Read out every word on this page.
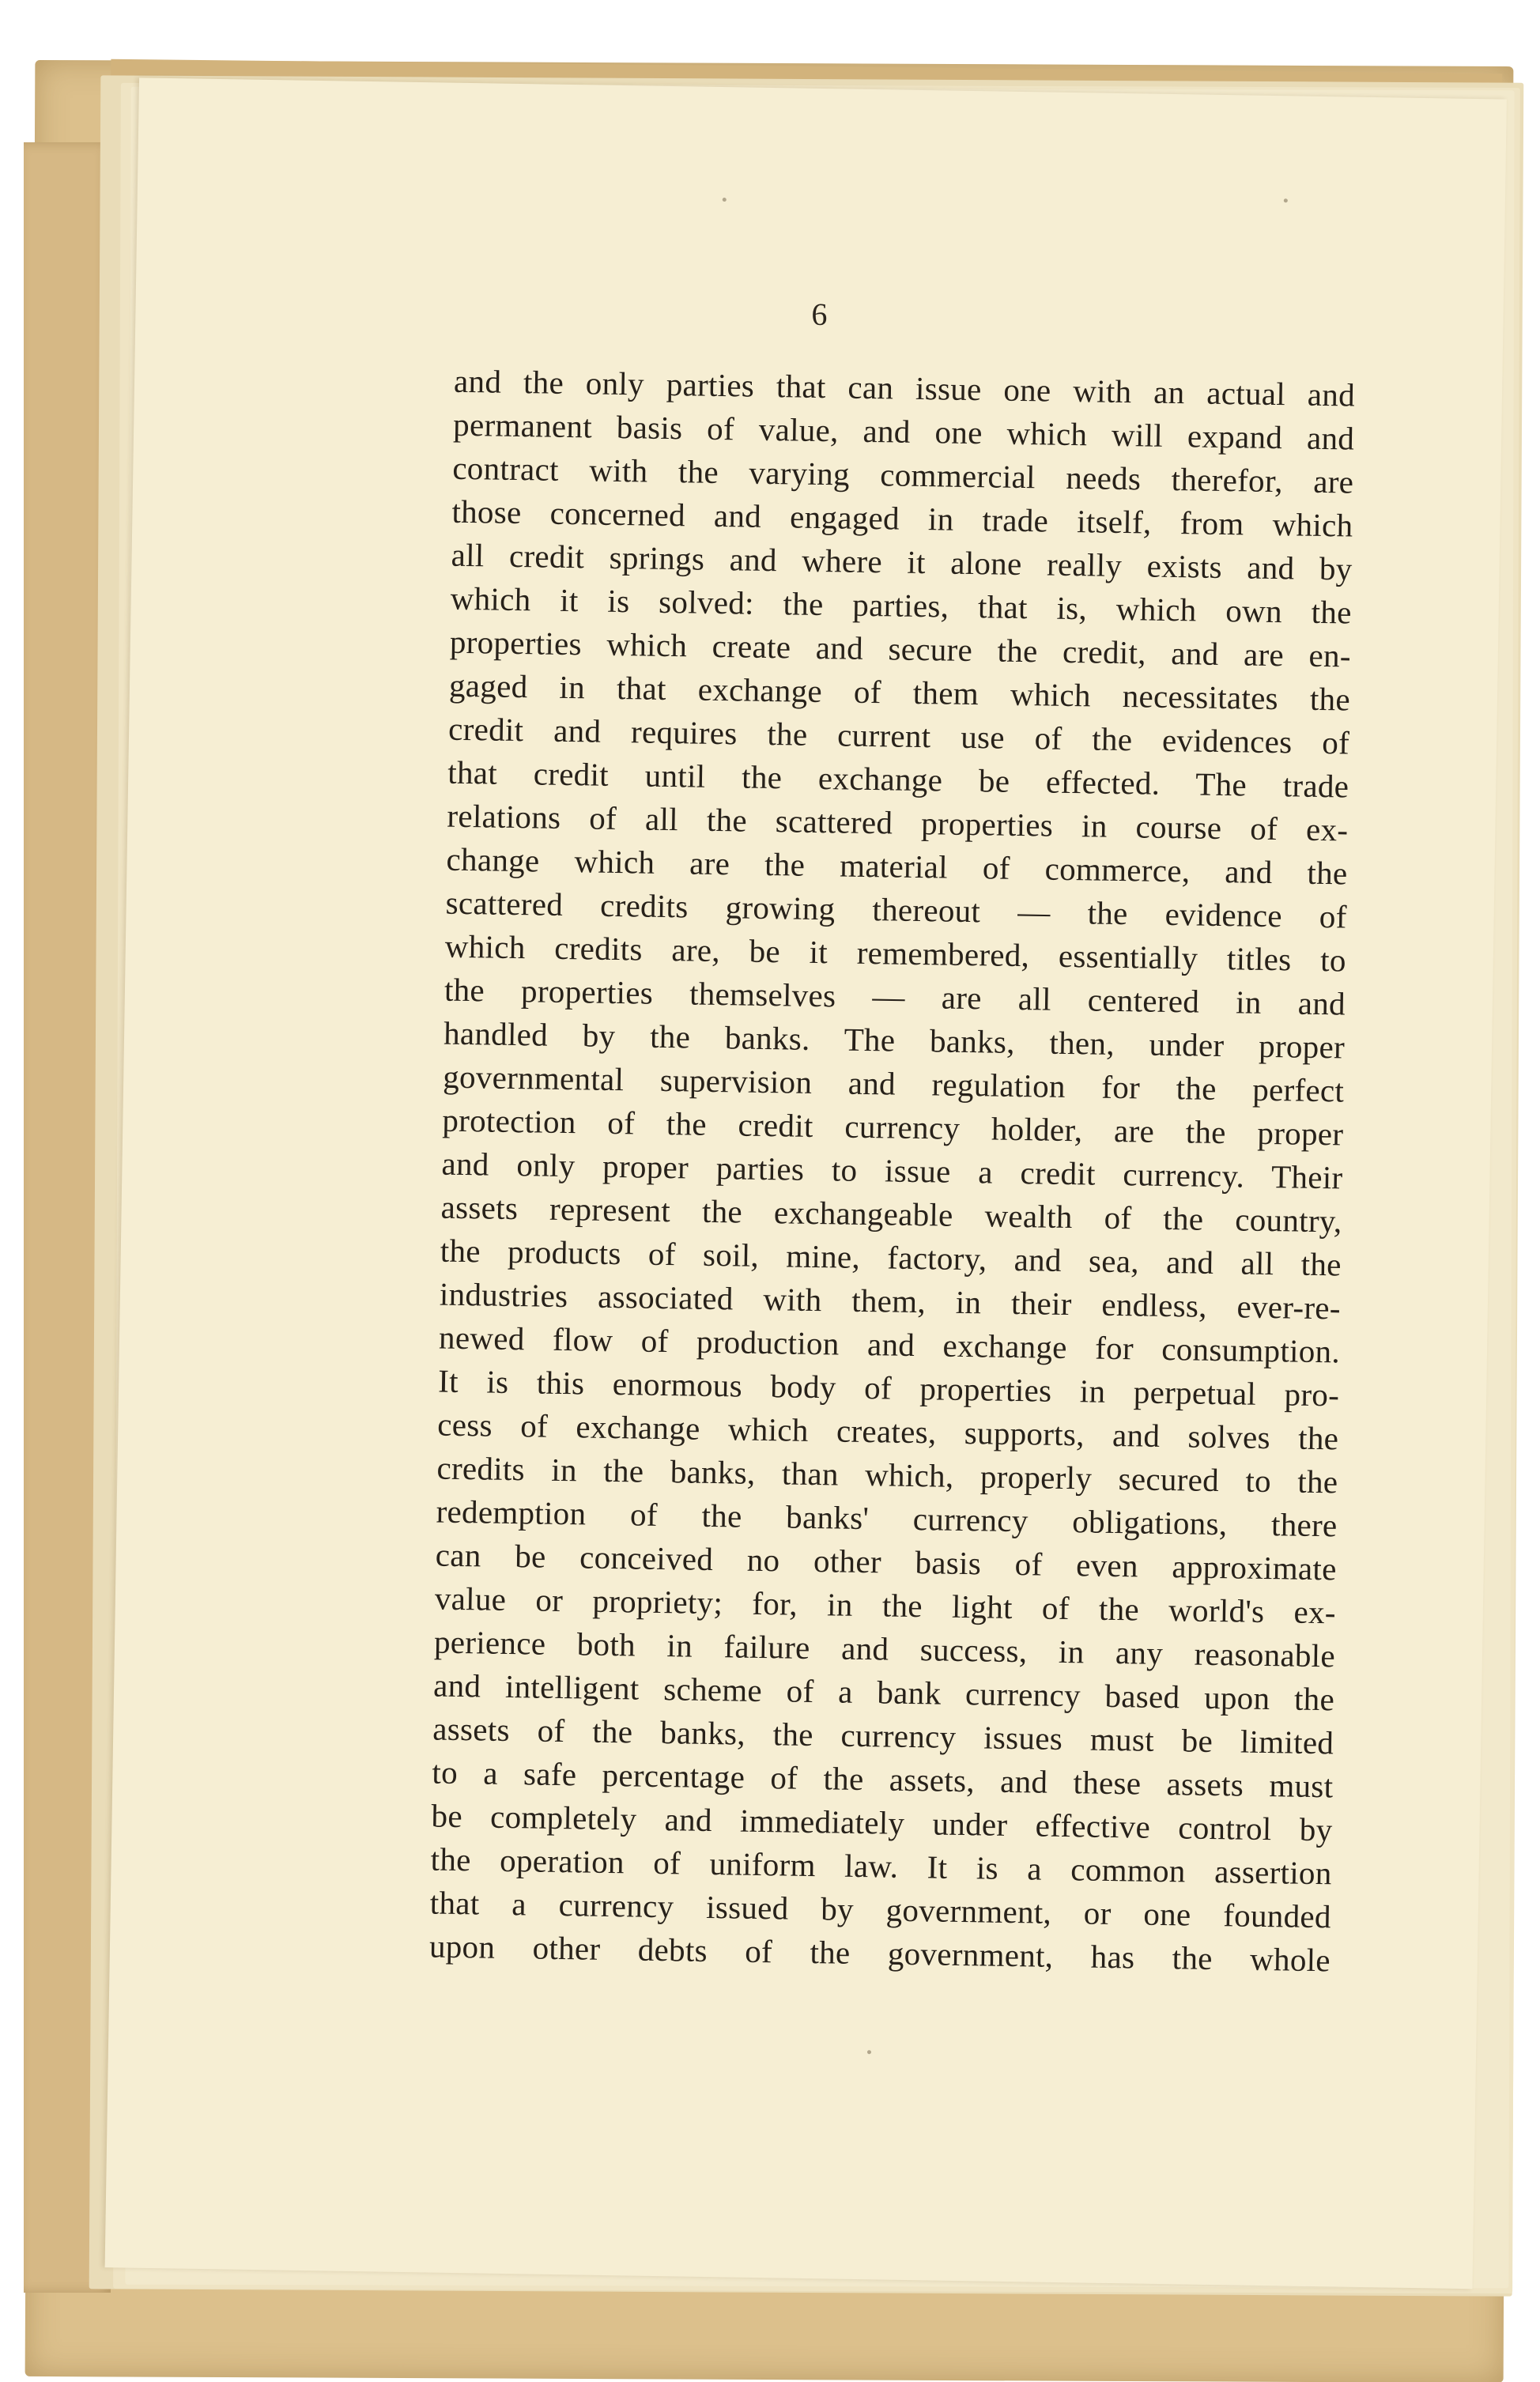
6
and the only parties that can issue one with an actual and
permanent basis of value, and one which will expand and
contract with the varying commercial needs therefor, are
those concerned and engaged in trade itself, from which
all credit springs and where it alone really exists and by
which it is solved: the parties, that is, which own the
properties which create and secure the credit, and are en-
gaged in that exchange of them which necessitates the
credit and requires the current use of the evidences of
that credit until the exchange be effected. The trade
relations of all the scattered properties in course of ex-
change which are the material of commerce, and the
scattered credits growing thereout — the evidence of
which credits are, be it remembered, essentially titles to
the properties themselves — are all centered in and
handled by the banks. The banks, then, under proper
governmental supervision and regulation for the perfect
protection of the credit currency holder, are the proper
and only proper parties to issue a credit currency. Their
assets represent the exchangeable wealth of the country,
the products of soil, mine, factory, and sea, and all the
industries associated with them, in their endless, ever-re-
newed flow of production and exchange for consumption.
It is this enormous body of properties in perpetual pro-
cess of exchange which creates, supports, and solves the
credits in the banks, than which, properly secured to the
redemption of the banks' currency obligations, there
can be conceived no other basis of even approximate
value or propriety; for, in the light of the world's ex-
perience both in failure and success, in any reasonable
and intelligent scheme of a bank currency based upon the
assets of the banks, the currency issues must be limited
to a safe percentage of the assets, and these assets must
be completely and immediately under effective control by
the operation of uniform law. It is a common assertion
that a currency issued by government, or one founded
upon other debts of the government, has the whole
